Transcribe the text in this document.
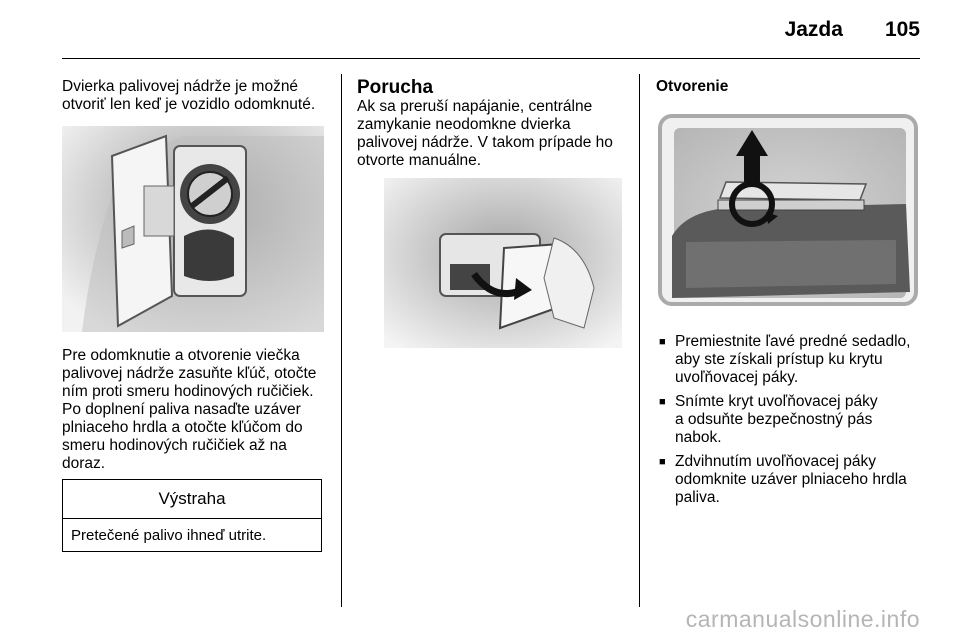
Jazda 105

Dvierka palivovej nádrže je možné
otvoriť len keď je vozidlo odomknuté.

Pre odomknutie a otvorenie viečka
palivovej nádrže zasuňte kľúč, otočte
ním proti smeru hodinových ručičiek.
Po doplnení paliva nasaďte uzáver
plniaceho hrdla a otočte kľúčom do
smeru hodinových ručičiek až na
doraz.

Výstraha
Pretečené palivo ihneď utrite.
Porucha

Ak sa preruší napájanie, centrálne
zamykanie neodomkne dvierka
palivovej nádrže. V takom prípade ho
otvorte manuálne.

Otvorenie
■ Premiestnite ľavé predné sedadlo,
aby ste získali prístup ku krytu
uvoľňovacej páky.
■ Snímte kryt uvoľňovacej páky
a odsuňte bezpečnostný pás
nabok.
■ Zdvihnutím uvoľňovacej páky
odomknite uzáver plniaceho hrdla
paliva.
carmanualsonline.info
